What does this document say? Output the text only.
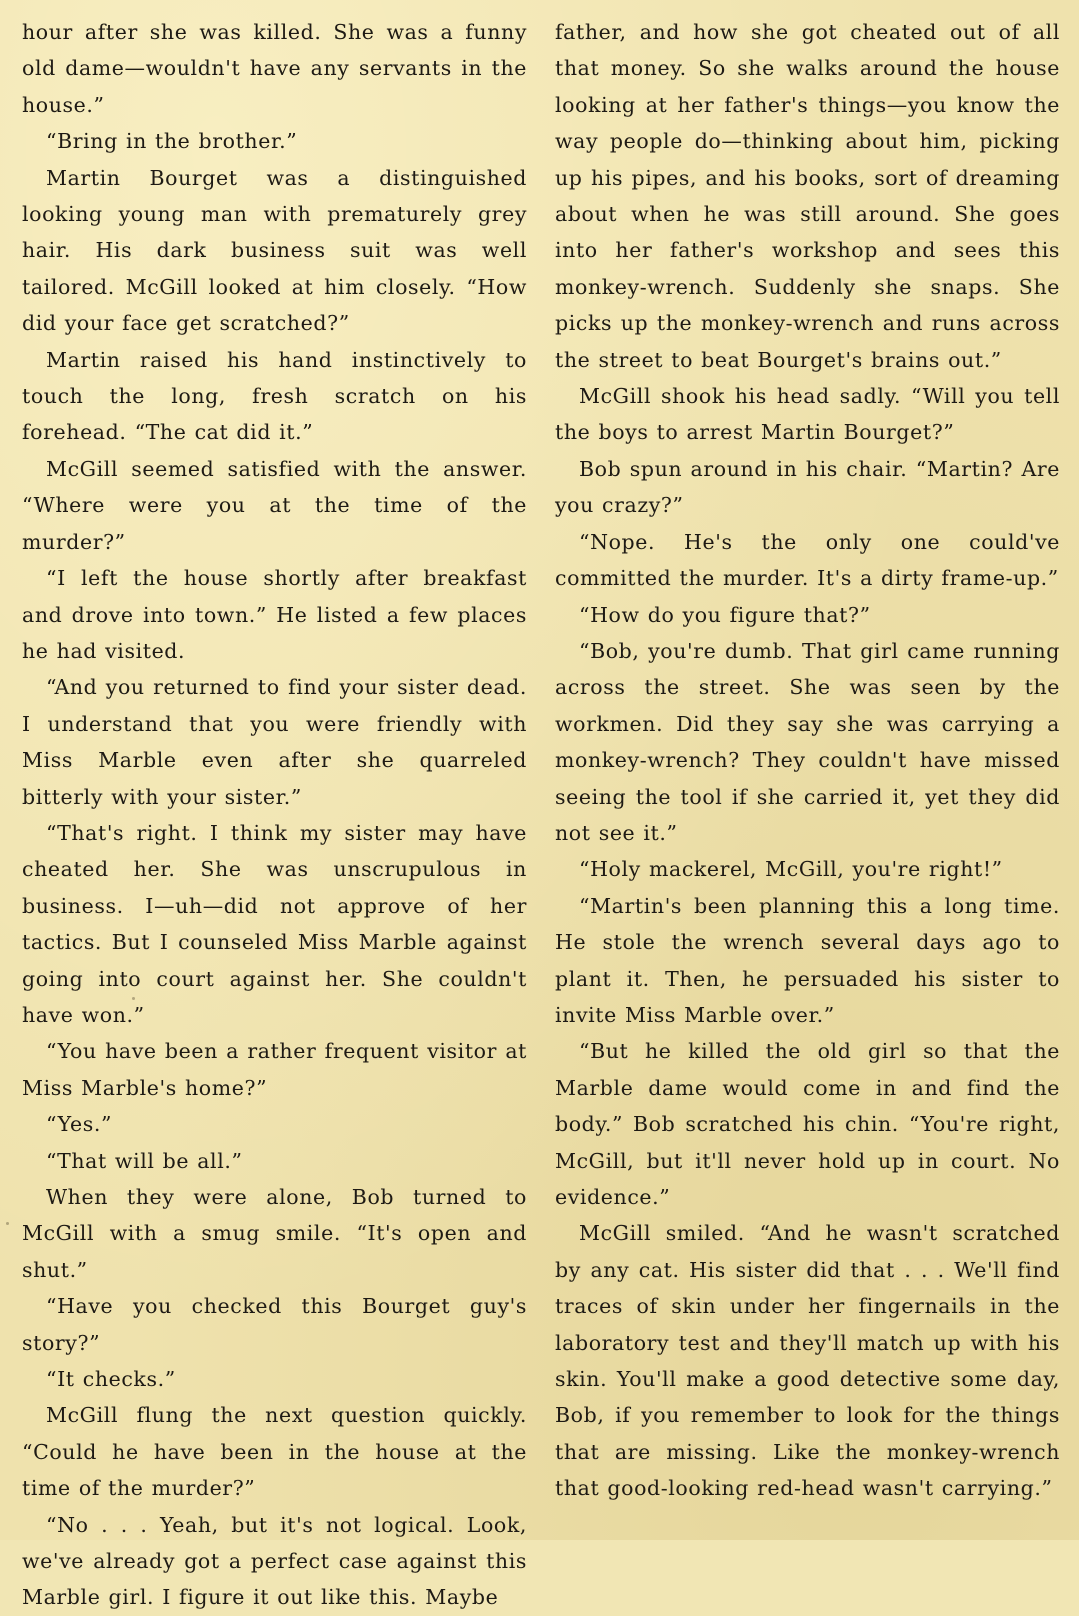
hour after she was killed. She was a funny old dame—wouldn't have any servants in the house.”

“Bring in the brother.”

Martin Bourget was a distinguished looking young man with prematurely grey hair. His dark business suit was well tailored. McGill looked at him closely. “How did your face get scratched?”

Martin raised his hand instinctively to touch the long, fresh scratch on his forehead. “The cat did it.”

McGill seemed satisfied with the answer. “Where were you at the time of the murder?”

“I left the house shortly after breakfast and drove into town.” He listed a few places he had visited.

“And you returned to find your sister dead. I understand that you were friendly with Miss Marble even after she quarreled bitterly with your sister.”

“That's right. I think my sister may have cheated her. She was unscrupulous in business. I—uh—did not approve of her tactics. But I counseled Miss Marble against going into court against her. She couldn't have won.”

“You have been a rather frequent visitor at Miss Marble's home?”

“Yes.”

“That will be all.”

When they were alone, Bob turned to McGill with a smug smile. “It's open and shut.”

“Have you checked this Bourget guy's story?”

“It checks.”

McGill flung the next question quickly. “Could he have been in the house at the time of the murder?”

“No . . . Yeah, but it's not logical. Look, we've already got a perfect case against this Marble girl. I figure it out like this. Maybe

father, and how she got cheated out of all that money. So she walks around the house looking at her father's things—you know the way people do—thinking about him, picking up his pipes, and his books, sort of dreaming about when he was still around. She goes into her father's workshop and sees this monkey-wrench. Suddenly she snaps. She picks up the monkey-wrench and runs across the street to beat Bourget's brains out.”

McGill shook his head sadly. “Will you tell the boys to arrest Martin Bourget?”

Bob spun around in his chair. “Martin? Are you crazy?”

“Nope. He's the only one could've committed the murder. It's a dirty frame-up.”

“How do you figure that?”

“Bob, you're dumb. That girl came running across the street. She was seen by the workmen. Did they say she was carrying a monkey-wrench? They couldn't have missed seeing the tool if she carried it, yet they did not see it.”

“Holy mackerel, McGill, you're right!”

“Martin's been planning this a long time. He stole the wrench several days ago to plant it. Then, he persuaded his sister to invite Miss Marble over.”

“But he killed the old girl so that the Marble dame would come in and find the body.” Bob scratched his chin. “You're right, McGill, but it'll never hold up in court. No evidence.”

McGill smiled. “And he wasn't scratched by any cat. His sister did that . . . We'll find traces of skin under her fingernails in the laboratory test and they'll match up with his skin. You'll make a good detective some day, Bob, if you remember to look for the things that are missing. Like the monkey-wrench that good-looking red-head wasn't carrying.”
